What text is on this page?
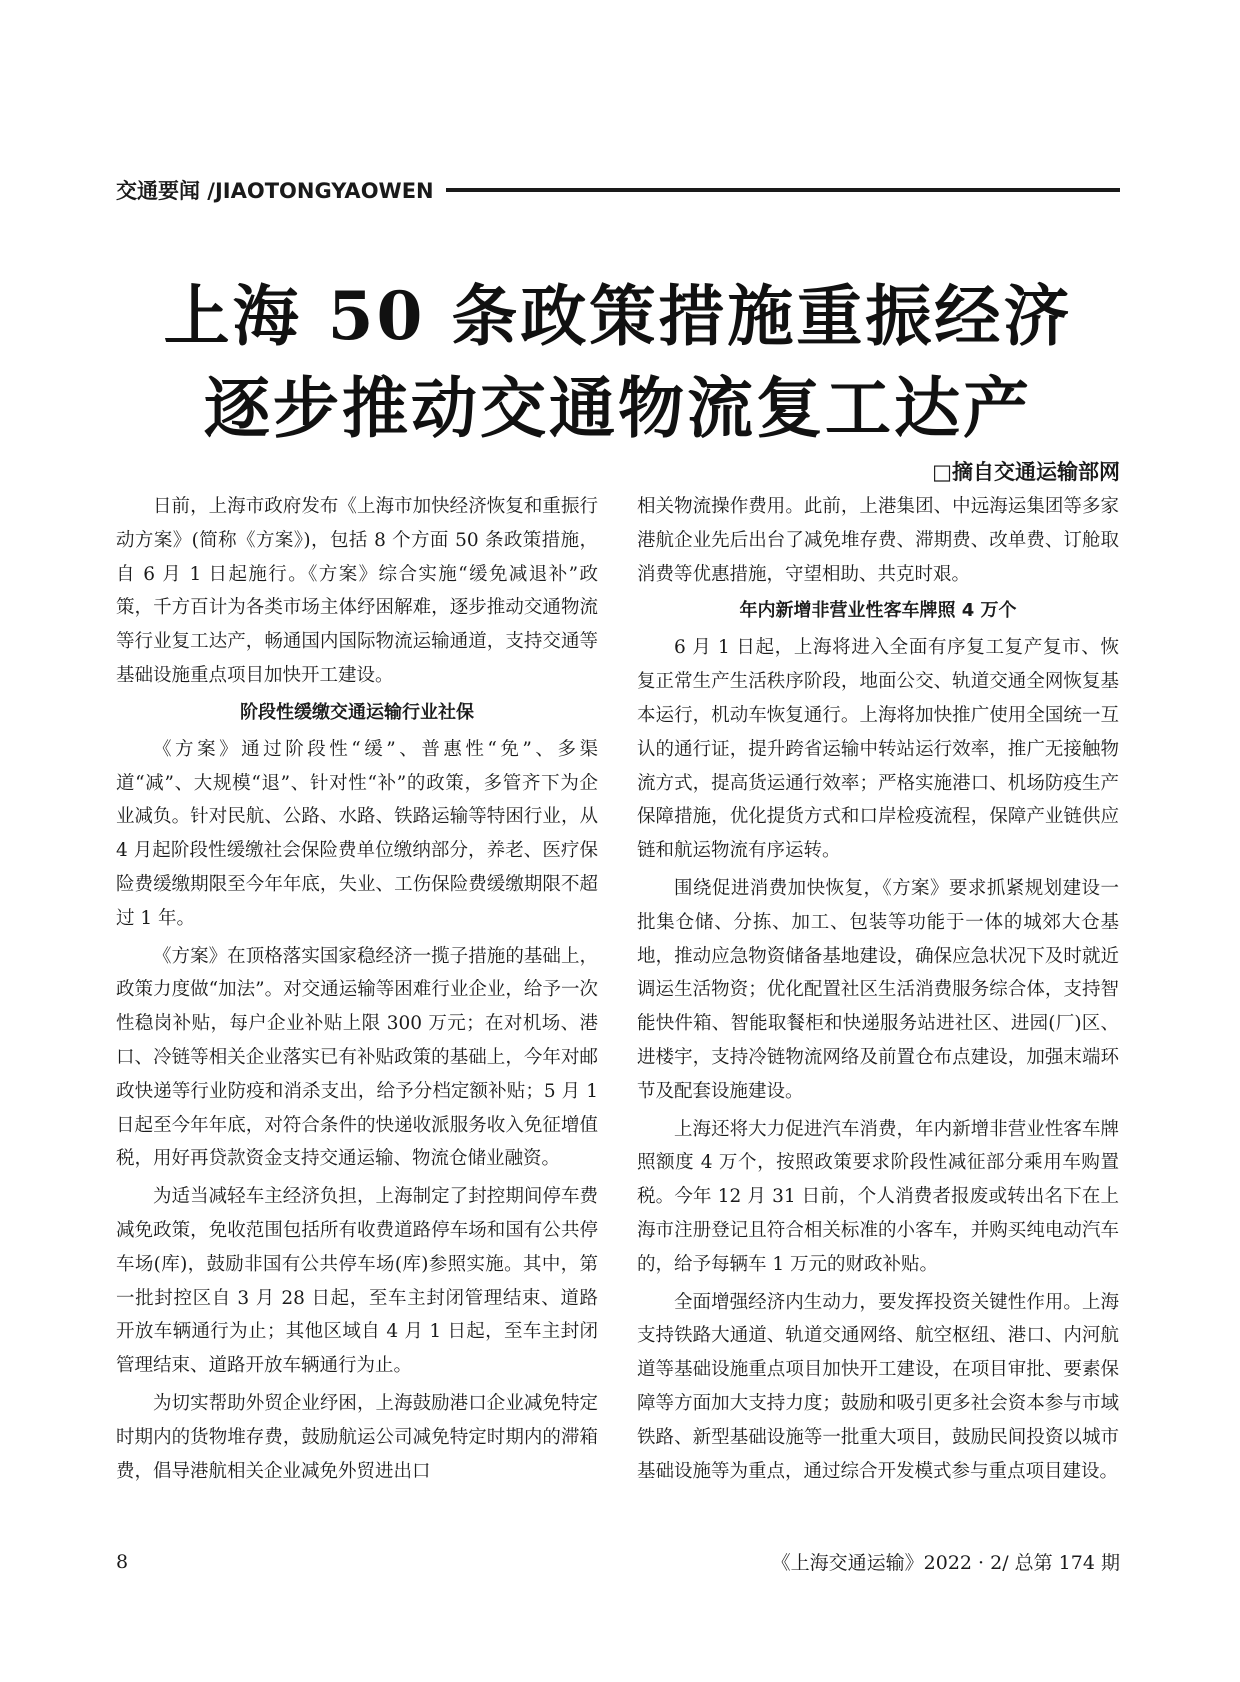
交通要闻 /JIAOTONGYAOWEN
上海 50 条政策措施重振经济
逐步推动交通物流复工达产
□摘自交通运输部网

日前，上海市政府发布《上海市加快经济恢复和重振行动方案》(简称《方案》)，包括 8 个方面 50 条政策措施，自 6 月 1 日起施行。《方案》综合实施“缓免减退补”政策，千方百计为各类市场主体纾困解难，逐步推动交通物流等行业复工达产，畅通国内国际物流运输通道，支持交通等基础设施重点项目加快开工建设。

阶段性缓缴交通运输行业社保

《方案》通过阶段性“缓”、普惠性“免”、多渠道“减”、大规模“退”、针对性“补”的政策，多管齐下为企业减负。针对民航、公路、水路、铁路运输等特困行业，从 4 月起阶段性缓缴社会保险费单位缴纳部分，养老、医疗保险费缓缴期限至今年年底，失业、工伤保险费缓缴期限不超过 1 年。

《方案》在顶格落实国家稳经济一揽子措施的基础上，政策力度做“加法”。对交通运输等困难行业企业，给予一次性稳岗补贴，每户企业补贴上限 300 万元；在对机场、港口、冷链等相关企业落实已有补贴政策的基础上，今年对邮政快递等行业防疫和消杀支出，给予分档定额补贴；5 月 1 日起至今年年底，对符合条件的快递收派服务收入免征增值税，用好再贷款资金支持交通运输、物流仓储业融资。

为适当减轻车主经济负担，上海制定了封控期间停车费减免政策，免收范围包括所有收费道路停车场和国有公共停车场(库)，鼓励非国有公共停车场(库)参照实施。其中，第一批封控区自 3 月 28 日起，至车主封闭管理结束、道路开放车辆通行为止；其他区域自 4 月 1 日起，至车主封闭管理结束、道路开放车辆通行为止。

为切实帮助外贸企业纾困，上海鼓励港口企业减免特定时期内的货物堆存费，鼓励航运公司减免特定时期内的滞箱费，倡导港航相关企业减免外贸进出口

相关物流操作费用。此前，上港集团、中远海运集团等多家港航企业先后出台了减免堆存费、滞期费、改单费、订舱取消费等优惠措施，守望相助、共克时艰。

年内新增非营业性客车牌照 4 万个

6 月 1 日起，上海将进入全面有序复工复产复市、恢复正常生产生活秩序阶段，地面公交、轨道交通全网恢复基本运行，机动车恢复通行。上海将加快推广使用全国统一互认的通行证，提升跨省运输中转站运行效率，推广无接触物流方式，提高货运通行效率；严格实施港口、机场防疫生产保障措施，优化提货方式和口岸检疫流程，保障产业链供应链和航运物流有序运转。

围绕促进消费加快恢复，《方案》要求抓紧规划建设一批集仓储、分拣、加工、包装等功能于一体的城郊大仓基地，推动应急物资储备基地建设，确保应急状况下及时就近调运生活物资；优化配置社区生活消费服务综合体，支持智能快件箱、智能取餐柜和快递服务站进社区、进园(厂)区、进楼宇，支持冷链物流网络及前置仓布点建设，加强末端环节及配套设施建设。

上海还将大力促进汽车消费，年内新增非营业性客车牌照额度 4 万个，按照政策要求阶段性减征部分乘用车购置税。今年 12 月 31 日前，个人消费者报废或转出名下在上海市注册登记且符合相关标准的小客车，并购买纯电动汽车的，给予每辆车 1 万元的财政补贴。

全面增强经济内生动力，要发挥投资关键性作用。上海支持铁路大通道、轨道交通网络、航空枢纽、港口、内河航道等基础设施重点项目加快开工建设，在项目审批、要素保障等方面加大支持力度；鼓励和吸引更多社会资本参与市域铁路、新型基础设施等一批重大项目，鼓励民间投资以城市基础设施等为重点，通过综合开发模式参与重点项目建设。

8	《上海交通运输》2022 · 2/ 总第 174 期
